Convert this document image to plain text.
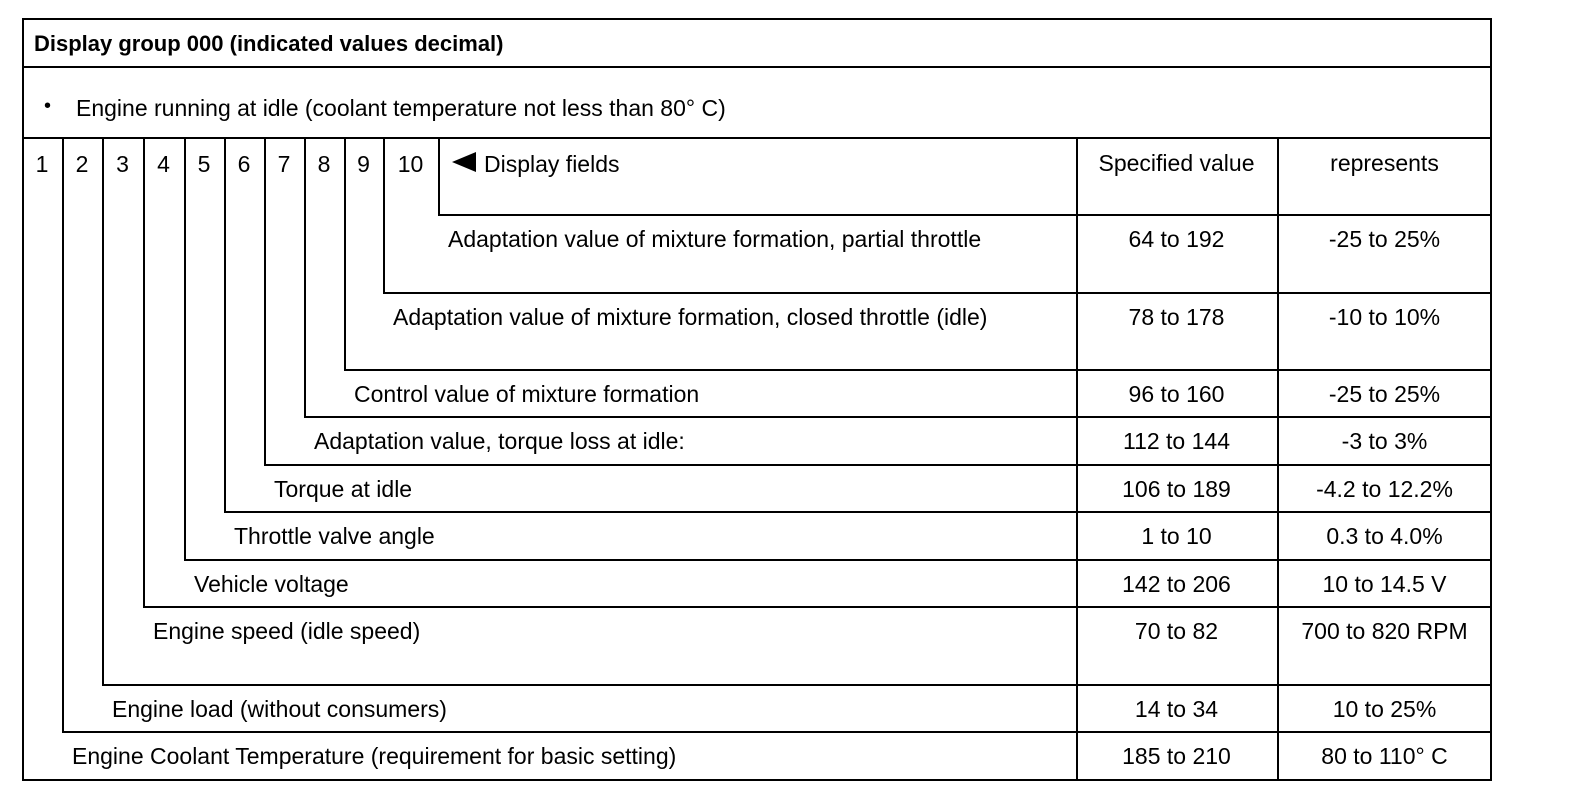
Display group 000 (indicated values decimal)
• Engine running at idle (coolant temperature not less than 80° C)
1	2	3	4	5	6	7	8	9	10	Display fields	Specified value	represents
Adaptation value of mixture formation, partial throttle	64 to 192	-25 to 25%
Adaptation value of mixture formation, closed throttle (idle)	78 to 178	-10 to 10%
Control value of mixture formation	96 to 160	-25 to 25%
Adaptation value, torque loss at idle:	112 to 144	-3 to 3%
Torque at idle	106 to 189	-4.2 to 12.2%
Throttle valve angle	1 to 10	0.3 to 4.0%
Vehicle voltage	142 to 206	10 to 14.5 V
Engine speed (idle speed)	70 to 82	700 to 820 RPM
Engine load (without consumers)	14 to 34	10 to 25%
Engine Coolant Temperature (requirement for basic setting)	185 to 210	80 to 110° C
